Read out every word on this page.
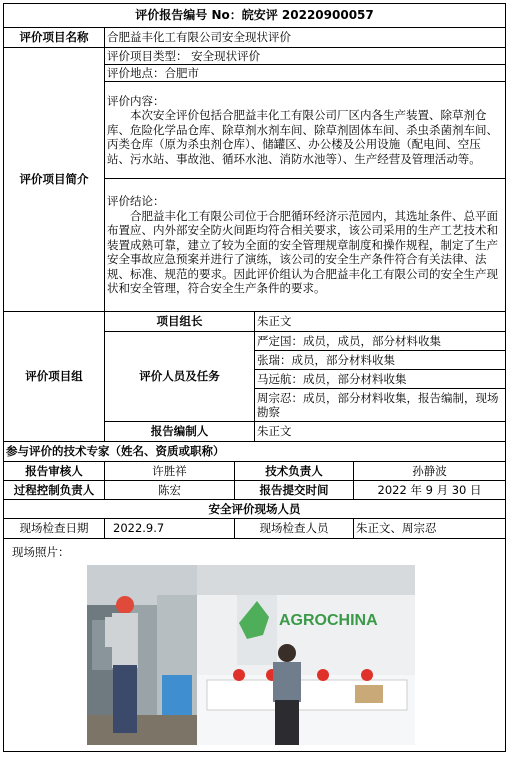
评价报告编号 No：皖安评 20220900057				
评价项目名称	合肥益丰化工有限公司安全现状评价			
评价项目简介	评价项目类型： 安全现状评价			
	评价地点：合肥市			

	评价内容：
本次安全评价包括合肥益丰化工有限公司厂区内各生产装置、除草剂仓库、危险化学品仓库、除草剂水剂车间、除草剂固体车间、杀虫杀菌剂车间、丙类仓库（原为杀虫剂仓库）、储罐区、办公楼及公用设施（配电间、空压站、污水站、事故池、循环水池、消防水池等）、生产经营及管理活动等。			

	评价结论：
合肥益丰化工有限公司位于合肥循环经济示范园内，其选址条件、总平面布置应、内外部安全防火间距均符合相关要求，该公司采用的生产工艺技术和装置成熟可靠，建立了较为全面的安全管理规章制度和操作规程，制定了生产安全事故应急预案并进行了演练，该公司的安全生产条件符合有关法律、法规、标准、规范的要求。因此评价组认为合肥益丰化工有限公司的安全生产现状和安全管理，符合安全生产条件的要求。			

评价项目组	项目组长		朱正文	
	评价人员及任务		严定国：成员，成员，部分材料收集	
			张瑞：成员，部分材料收集	
			马远航：成员，部分材料收集	
			周宗忍：成员，部分材料收集，报告编制，现场勘察	
	报告编制人		朱正文	
参与评价的技术专家（姓名、资质或职称）				
报告审核人	许胜祥	技术负责人		孙静波
过程控制负责人	陈宏	报告提交时间		2022 年 9 月 30 日
安全评价现场人员				
现场检查日期	2022.9.7	现场检查人员		朱正文、周宗忍
现场照片：
AGROCHINA				
